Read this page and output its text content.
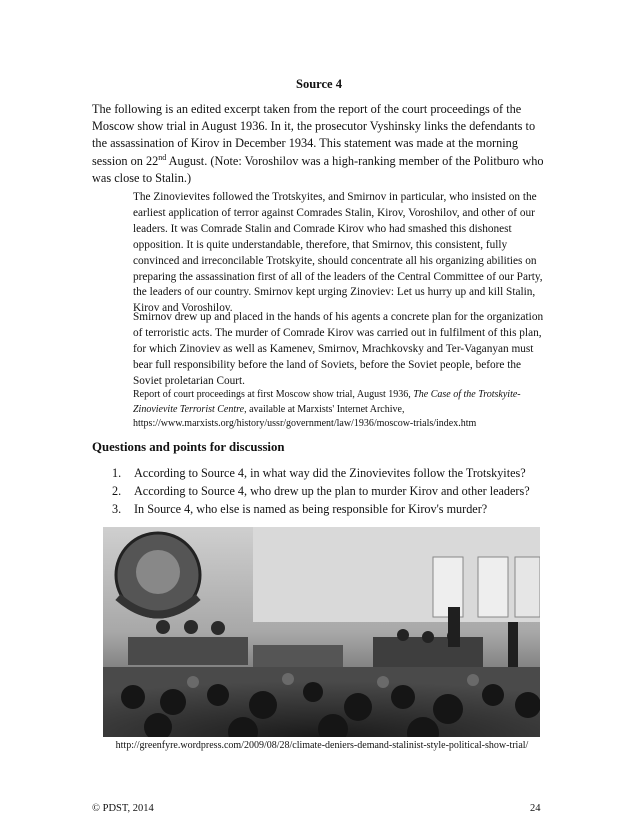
Source 4
The following is an edited excerpt taken from the report of the court proceedings of the Moscow show trial in August 1936. In it, the prosecutor Vyshinsky links the defendants to the assassination of Kirov in December 1934. This statement was made at the morning session on 22nd August. (Note: Voroshilov was a high-ranking member of the Politburo who was close to Stalin.)
The Zinovievites followed the Trotskyites, and Smirnov in particular, who insisted on the earliest application of terror against Comrades Stalin, Kirov, Voroshilov, and other of our leaders. It was Comrade Stalin and Comrade Kirov who had smashed this dishonest opposition. It is quite understandable, therefore, that Smirnov, this consistent, fully convinced and irreconcilable Trotskyite, should concentrate all his organizing abilities on preparing the assassination first of all of the leaders of the Central Committee of our Party, the leaders of our country. Smirnov kept urging Zinoviev: Let us hurry up and kill Stalin, Kirov and Voroshilov.
Smirnov drew up and placed in the hands of his agents a concrete plan for the organization of terroristic acts. The murder of Comrade Kirov was carried out in fulfilment of this plan, for which Zinoviev as well as Kamenev, Smirnov, Mrachkovsky and Ter-Vaganyan must bear full responsibility before the land of Soviets, before the Soviet people, before the Soviet proletarian Court.
Report of court proceedings at first Moscow show trial, August 1936, The Case of the Trotskyite-Zinovievite Terrorist Centre, available at Marxists' Internet Archive,
https://www.marxists.org/history/ussr/government/law/1936/moscow-trials/index.htm
Questions and points for discussion
1.	According to Source 4, in what way did the Zinovievites follow the Trotskyites?
2.	According to Source 4, who drew up the plan to murder Kirov and other leaders?
3.	In Source 4, who else is named as being responsible for Kirov's murder?
http://greenfyre.wordpress.com/2009/08/28/climate-deniers-demand-stalinist-style-political-show-trial/
© PDST, 2014	24
